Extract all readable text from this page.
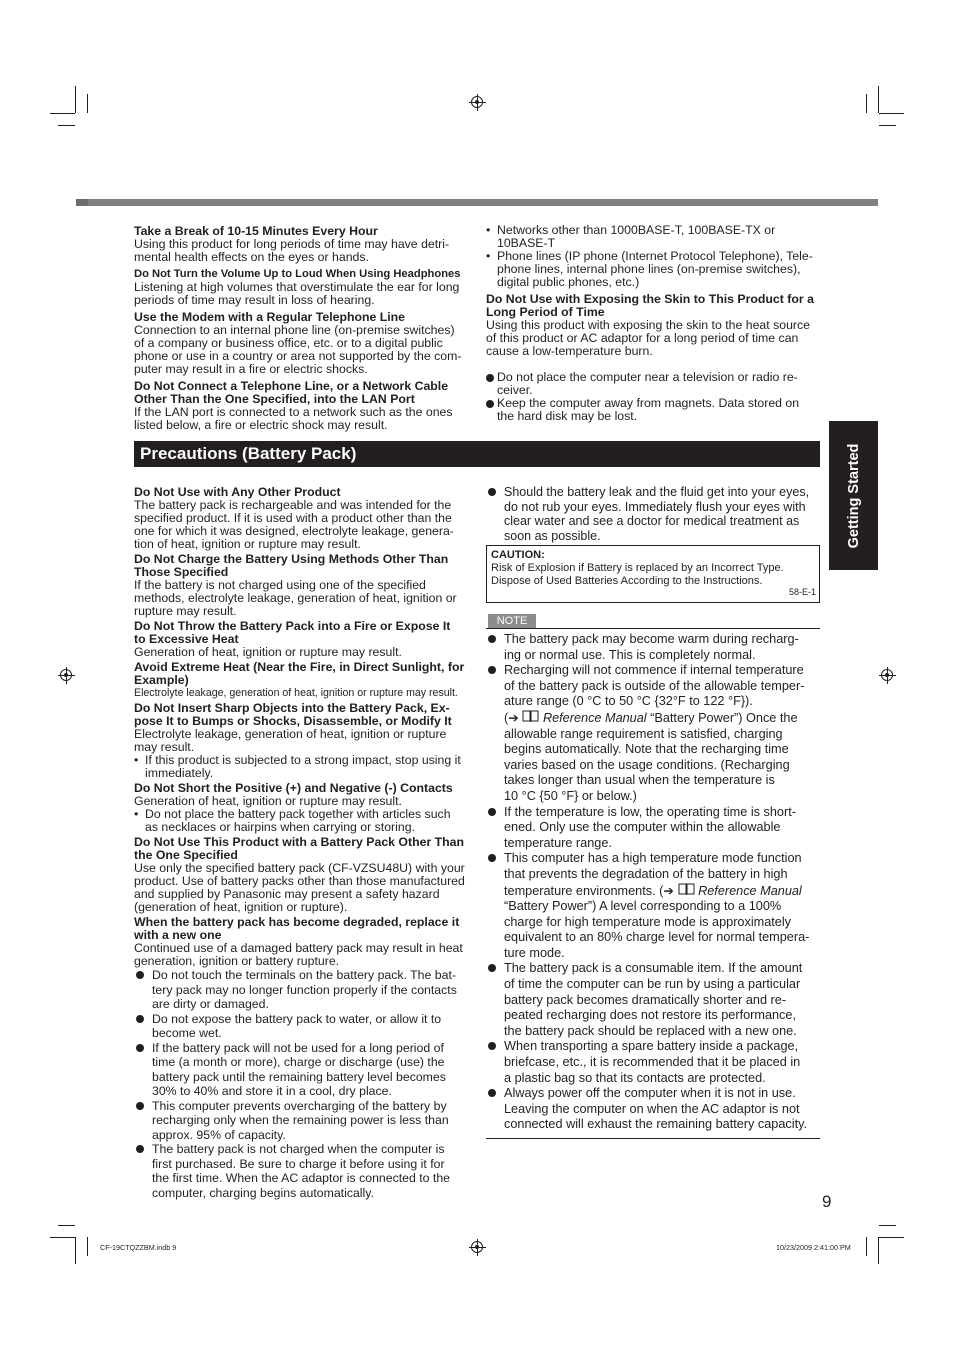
Take a Break of 10-15 Minutes Every Hour
Using this product for long periods of time may have detri-
mental health effects on the eyes or hands.
Do Not Turn the Volume Up to Loud When Using Headphones
Listening at high volumes that overstimulate the ear for long
periods of time may result in loss of hearing.
Use the Modem with a Regular Telephone Line
Connection to an internal phone line (on-premise switches)
of a company or business office, etc. or to a digital public
phone or use in a country or area not supported by the com-
puter may result in a fire or electric shocks.
Do Not Connect a Telephone Line, or a Network Cable
Other Than the One Specified, into the LAN Port
If the LAN port is connected to a network such as the ones
listed below, a fire or electric shock may result.
• Networks other than 1000BASE-T, 100BASE-TX or
10BASE-T
• Phone lines (IP phone (Internet Protocol Telephone), Tele-
phone lines, internal phone lines (on-premise switches),
digital public phones, etc.)
Do Not Use with Exposing the Skin to This Product for a
Long Period of Time
Using this product with exposing the skin to the heat source
of this product or AC adaptor for a long period of time can
cause a low-temperature burn.
Do not place the computer near a television or radio re-
ceiver.
Keep the computer away from magnets. Data stored on
the hard disk may be lost.
Precautions (Battery Pack)	Getting Started
Do Not Use with Any Other Product
The battery pack is rechargeable and was intended for the
specified product. If it is used with a product other than the
one for which it was designed, electrolyte leakage, genera-
tion of heat, ignition or rupture may result.
Do Not Charge the Battery Using Methods Other Than
Those Specified
If the battery is not charged using one of the specified
methods, electrolyte leakage, generation of heat, ignition or
rupture may result.
Do Not Throw the Battery Pack into a Fire or Expose It
to Excessive Heat
Generation of heat, ignition or rupture may result.
Avoid Extreme Heat (Near the Fire, in Direct Sunlight, for
Example)
Electrolyte leakage, generation of heat, ignition or rupture may result.
Do Not Insert Sharp Objects into the Battery Pack, Ex-
pose It to Bumps or Shocks, Disassemble, or Modify It
Electrolyte leakage, generation of heat, ignition or rupture
may result.
• If this product is subjected to a strong impact, stop using it
immediately.
Do Not Short the Positive (+) and Negative (-) Contacts
Generation of heat, ignition or rupture may result.
• Do not place the battery pack together with articles such
as necklaces or hairpins when carrying or storing.
Do Not Use This Product with a Battery Pack Other Than
the One Specified
Use only the specified battery pack (CF-VZSU48U) with your
product. Use of battery packs other than those manufactured
and supplied by Panasonic may present a safety hazard
(generation of heat, ignition or rupture).
When the battery pack has become degraded, replace it
with a new one
Continued use of a damaged battery pack may result in heat
generation, ignition or battery rupture.
Do not touch the terminals on the battery pack. The bat-
tery pack may no longer function properly if the contacts
are dirty or damaged.
Do not expose the battery pack to water, or allow it to
become wet.
If the battery pack will not be used for a long period of
time (a month or more), charge or discharge (use) the
battery pack until the remaining battery level becomes
30% to 40% and store it in a cool, dry place.
This computer prevents overcharging of the battery by
recharging only when the remaining power is less than
approx. 95% of capacity.
The battery pack is not charged when the computer is
first purchased. Be sure to charge it before using it for
the first time. When the AC adaptor is connected to the
computer, charging begins automatically.
Should the battery leak and the fluid get into your eyes,
do not rub your eyes. Immediately flush your eyes with
clear water and see a doctor for medical treatment as
soon as possible.
CAUTION:
Risk of Explosion if Battery is replaced by an Incorrect Type.
Dispose of Used Batteries According to the Instructions.
58-E-1
NOTE
The battery pack may become warm during recharg-
ing or normal use. This is completely normal.
Recharging will not commence if internal temperature
of the battery pack is outside of the allowable temper-
ature range (0 °C to 50 °C {32°F to 122 °F}).
(➔ Reference Manual “Battery Power”) Once the
allowable range requirement is satisfied, charging
begins automatically. Note that the recharging time
varies based on the usage conditions. (Recharging
takes longer than usual when the temperature is
10 °C {50 °F} or below.)
If the temperature is low, the operating time is short-
ened. Only use the computer within the allowable
temperature range.
This computer has a high temperature mode function
that prevents the degradation of the battery in high
temperature environments. (➔ Reference Manual
“Battery Power”) A level corresponding to a 100%
charge for high temperature mode is approximately
equivalent to an 80% charge level for normal tempera-
ture mode.
The battery pack is a consumable item. If the amount
of time the computer can be run by using a particular
battery pack becomes dramatically shorter and re-
peated recharging does not restore its performance,
the battery pack should be replaced with a new one.
When transporting a spare battery inside a package,
briefcase, etc., it is recommended that it be placed in
a plastic bag so that its contacts are protected.
Always power off the computer when it is not in use.
Leaving the computer on when the AC adaptor is not
connected will exhaust the remaining battery capacity.
9
CF-19CTQZZBM.indb 9	10/23/2009 2:41:00 PM
